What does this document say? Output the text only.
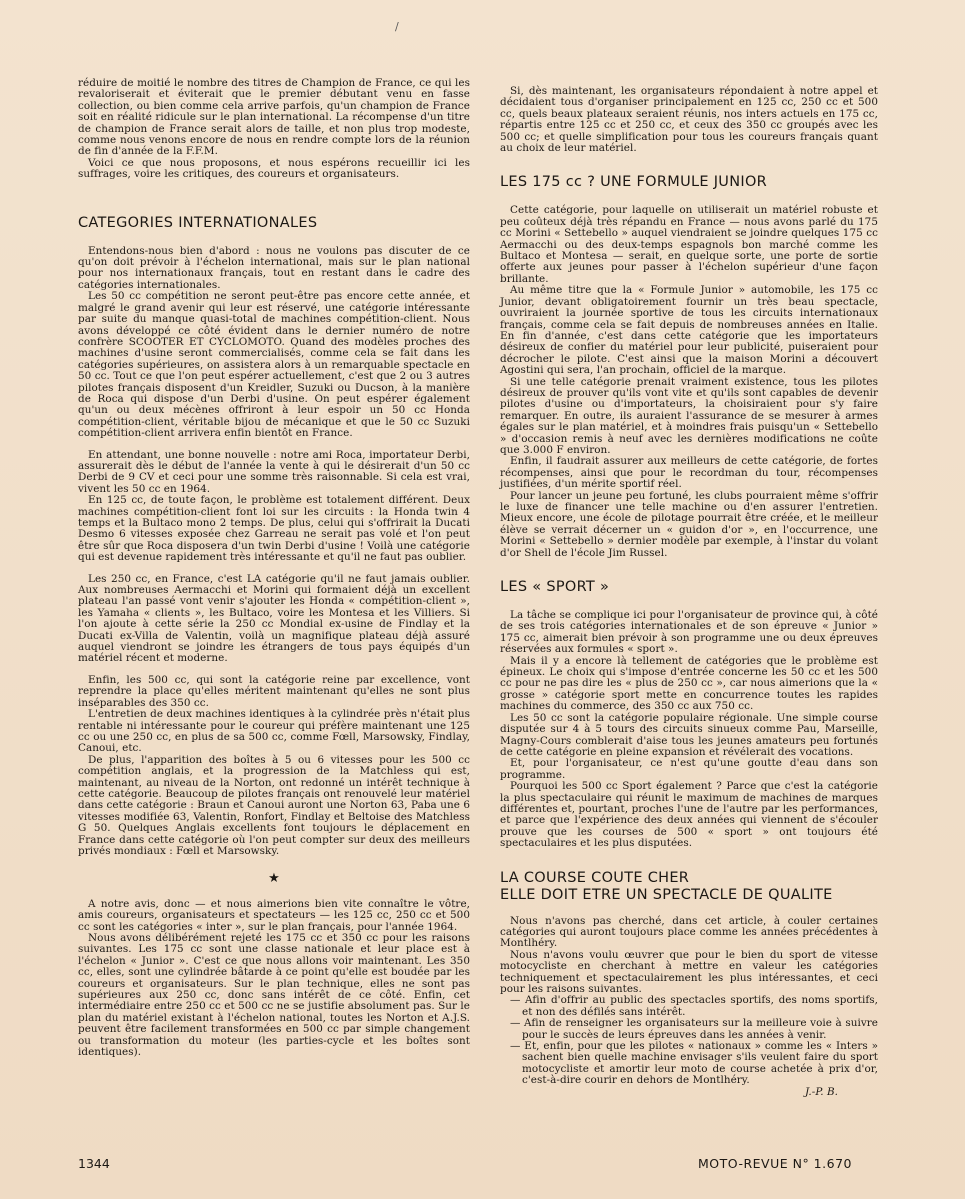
/

réduire de moitié le nombre des titres de Champion de France, ce qui les revaloriserait et éviterait que le premier débutant venu en fasse collection, ou bien comme cela arrive parfois, qu'un champion de France soit en réalité ridicule sur le plan international. La récompense d'un titre de champion de France serait alors de taille, et non plus trop modeste, comme nous venons encore de nous en rendre compte lors de la réunion de fin d'année de la F.F.M.

Voici ce que nous proposons, et nous espérons recueillir ici les suffrages, voire les critiques, des coureurs et organisateurs.

CATEGORIES INTERNATIONALES

Entendons-nous bien d'abord : nous ne voulons pas discuter de ce qu'on doit prévoir à l'échelon international, mais sur le plan national pour nos internationaux français, tout en restant dans le cadre des catégories internationales.

Les 50 cc compétition ne seront peut-être pas encore cette année, et malgré le grand avenir qui leur est réservé, une catégorie intéressante par suite du manque quasi-total de machines compétition-client. Nous avons développé ce côté évident dans le dernier numéro de notre confrère SCOOTER ET CYCLOMOTO. Quand des modèles proches des machines d'usine seront commercialisés, comme cela se fait dans les catégories supérieures, on assistera alors à un remarquable spectacle en 50 cc. Tout ce que l'on peut espérer actuellement, c'est que 2 ou 3 autres pilotes français disposent d'un Kreidler, Suzuki ou Ducson, à la manière de Roca qui dispose d'un Derbi d'usine. On peut espérer également qu'un ou deux mécènes offriront à leur espoir un 50 cc Honda compétition-client, véritable bijou de mécanique et que le 50 cc Suzuki compétition-client arrivera enfin bientôt en France.

En attendant, une bonne nouvelle : notre ami Roca, importateur Derbi, assurerait dès le début de l'année la vente à qui le désirerait d'un 50 cc Derbi de 9 CV et ceci pour une somme très raisonnable. Si cela est vrai, vivent les 50 cc en 1964.

En 125 cc, de toute façon, le problème est totalement différent. Deux machines compétition-client font loi sur les circuits : la Honda twin 4 temps et la Bultaco mono 2 temps. De plus, celui qui s'offrirait la Ducati Desmo 6 vitesses exposée chez Garreau ne serait pas volé et l'on peut être sûr que Roca disposera d'un twin Derbi d'usine ! Voilà une catégorie qui est devenue rapidement très intéressante et qu'il ne faut pas oublier.

Les 250 cc, en France, c'est LA catégorie qu'il ne faut jamais oublier. Aux nombreuses Aermacchi et Morini qui formaient déjà un excellent plateau l'an passé vont venir s'ajouter les Honda « compétition-client », les Yamaha « clients », les Bultaco, voire les Montesa et les Villiers. Si l'on ajoute à cette série la 250 cc Mondial ex-usine de Findlay et la Ducati ex-Villa de Valentin, voilà un magnifique plateau déjà assuré auquel viendront se joindre les étrangers de tous pays équipés d'un matériel récent et moderne.

Enfin, les 500 cc, qui sont la catégorie reine par excellence, vont reprendre la place qu'elles méritent maintenant qu'elles ne sont plus inséparables des 350 cc.

L'entretien de deux machines identiques à la cylindrée près n'était plus rentable ni intéressante pour le coureur qui préfère maintenant une 125 cc ou une 250 cc, en plus de sa 500 cc, comme Fœll, Marsowsky, Findlay, Canoui, etc.

De plus, l'apparition des boîtes à 5 ou 6 vitesses pour les 500 cc compétition anglais, et la progression de la Matchless qui est, maintenant, au niveau de la Norton, ont redonné un intérêt technique à cette catégorie. Beaucoup de pilotes français ont renouvelé leur matériel dans cette catégorie : Braun et Canoui auront une Norton 63, Paba une 6 vitesses modifiée 63, Valentin, Ronfort, Findlay et Beltoise des Matchless G 50. Quelques Anglais excellents font toujours le déplacement en France dans cette catégorie où l'on peut compter sur deux des meilleurs privés mondiaux : Fœll et Marsowsky.

★

A notre avis, donc — et nous aimerions bien vite connaître le vôtre, amis coureurs, organisateurs et spectateurs — les 125 cc, 250 cc et 500 cc sont les catégories « inter », sur le plan français, pour l'année 1964.

Nous avons délibérément rejeté les 175 cc et 350 cc pour les raisons suivantes. Les 175 cc sont une classe nationale et leur place est à l'échelon « Junior ». C'est ce que nous allons voir maintenant. Les 350 cc, elles, sont une cylindrée bâtarde à ce point qu'elle est boudée par les coureurs et organisateurs. Sur le plan technique, elles ne sont pas supérieures aux 250 cc, donc sans intérêt de ce côté. Enfin, cet intermédiaire entre 250 cc et 500 cc ne se justifie absolument pas. Sur le plan du matériel existant à l'échelon national, toutes les Norton et A.J.S. peuvent être facilement transformées en 500 cc par simple changement ou transformation du moteur (les parties-cycle et les boîtes sont identiques).

Si, dès maintenant, les organisateurs répondaient à notre appel et décidaient tous d'organiser principalement en 125 cc, 250 cc et 500 cc, quels beaux plateaux seraient réunis, nos inters actuels en 175 cc, répartis entre 125 cc et 250 cc, et ceux des 350 cc groupés avec les 500 cc; et quelle simplification pour tous les coureurs français quant au choix de leur matériel.

LES 175 cc ? UNE FORMULE JUNIOR

Cette catégorie, pour laquelle on utiliserait un matériel robuste et peu coûteux déjà très répandu en France — nous avons parlé du 175 cc Morini « Settebello » auquel viendraient se joindre quelques 175 cc Aermacchi ou des deux-temps espagnols bon marché comme les Bultaco et Montesa — serait, en quelque sorte, une porte de sortie offerte aux jeunes pour passer à l'échelon supérieur d'une façon brillante.

Au même titre que la « Formule Junior » automobile, les 175 cc Junior, devant obligatoirement fournir un très beau spectacle, ouvriraient la journée sportive de tous les circuits internationaux français, comme cela se fait depuis de nombreuses années en Italie. En fin d'année, c'est dans cette catégorie que les importateurs désireux de confier du matériel pour leur publicité, puiseraient pour décrocher le pilote. C'est ainsi que la maison Morini a découvert Agostini qui sera, l'an prochain, officiel de la marque.

Si une telle catégorie prenait vraiment existence, tous les pilotes désireux de prouver qu'ils vont vite et qu'ils sont capables de devenir pilotes d'usine ou d'importateurs, la choisiraient pour s'y faire remarquer. En outre, ils auraient l'assurance de se mesurer à armes égales sur le plan matériel, et à moindres frais puisqu'un « Settebello » d'occasion remis à neuf avec les dernières modifications ne coûte que 3.000 F environ.

Enfin, il faudrait assurer aux meilleurs de cette catégorie, de fortes récompenses, ainsi que pour le recordman du tour, récompenses justifiées, d'un mérite sportif réel.

Pour lancer un jeune peu fortuné, les clubs pourraient même s'offrir le luxe de financer une telle machine ou d'en assurer l'entretien. Mieux encore, une école de pilotage pourrait être créée, et le meilleur élève se verrait décerner un « guidon d'or », en l'occurrence, une Morini « Settebello » dernier modèle par exemple, à l'instar du volant d'or Shell de l'école Jim Russel.

LES « SPORT »

La tâche se complique ici pour l'organisateur de province qui, à côté de ses trois catégories internationales et de son épreuve « Junior » 175 cc, aimerait bien prévoir à son programme une ou deux épreuves réservées aux formules « sport ».

Mais il y a encore là tellement de catégories que le problème est épineux. Le choix qui s'impose d'entrée concerne les 50 cc et les 500 cc pour ne pas dire les « plus de 250 cc », car nous aimerions que la « grosse » catégorie sport mette en concurrence toutes les rapides machines du commerce, des 350 cc aux 750 cc.

Les 50 cc sont la catégorie populaire régionale. Une simple course disputée sur 4 à 5 tours des circuits sinueux comme Pau, Marseille, Magny-Cours comblerait d'aise tous les jeunes amateurs peu fortunés de cette catégorie en pleine expansion et révélerait des vocations.

Et, pour l'organisateur, ce n'est qu'une goutte d'eau dans son programme.

Pourquoi les 500 cc Sport également ? Parce que c'est la catégorie la plus spectaculaire qui réunit le maximum de machines de marques différentes et, pourtant, proches l'une de l'autre par les performances, et parce que l'expérience des deux années qui viennent de s'écouler prouve que les courses de 500 « sport » ont toujours été spectaculaires et les plus disputées.

LA COURSE COUTE CHER
ELLE DOIT ETRE UN SPECTACLE DE QUALITE

Nous n'avons pas cherché, dans cet article, à couler certaines catégories qui auront toujours place comme les années précédentes à Montlhéry.

Nous n'avons voulu œuvrer que pour le bien du sport de vitesse motocycliste en cherchant à mettre en valeur les catégories techniquement et spectaculairement les plus intéressantes, et ceci pour les raisons suivantes.

— Afin d'offrir au public des spectacles sportifs, des noms sportifs, et non des défilés sans intérêt.

— Afin de renseigner les organisateurs sur la meilleure voie à suivre pour le succès de leurs épreuves dans les années à venir.

— Et, enfin, pour que les pilotes « nationaux » comme les « Inters » sachent bien quelle machine envisager s'ils veulent faire du sport motocycliste et amortir leur moto de course achetée à prix d'or, c'est-à-dire courir en dehors de Montlhéry.

J.-P. B.

1344	MOTO-REVUE N° 1.670
